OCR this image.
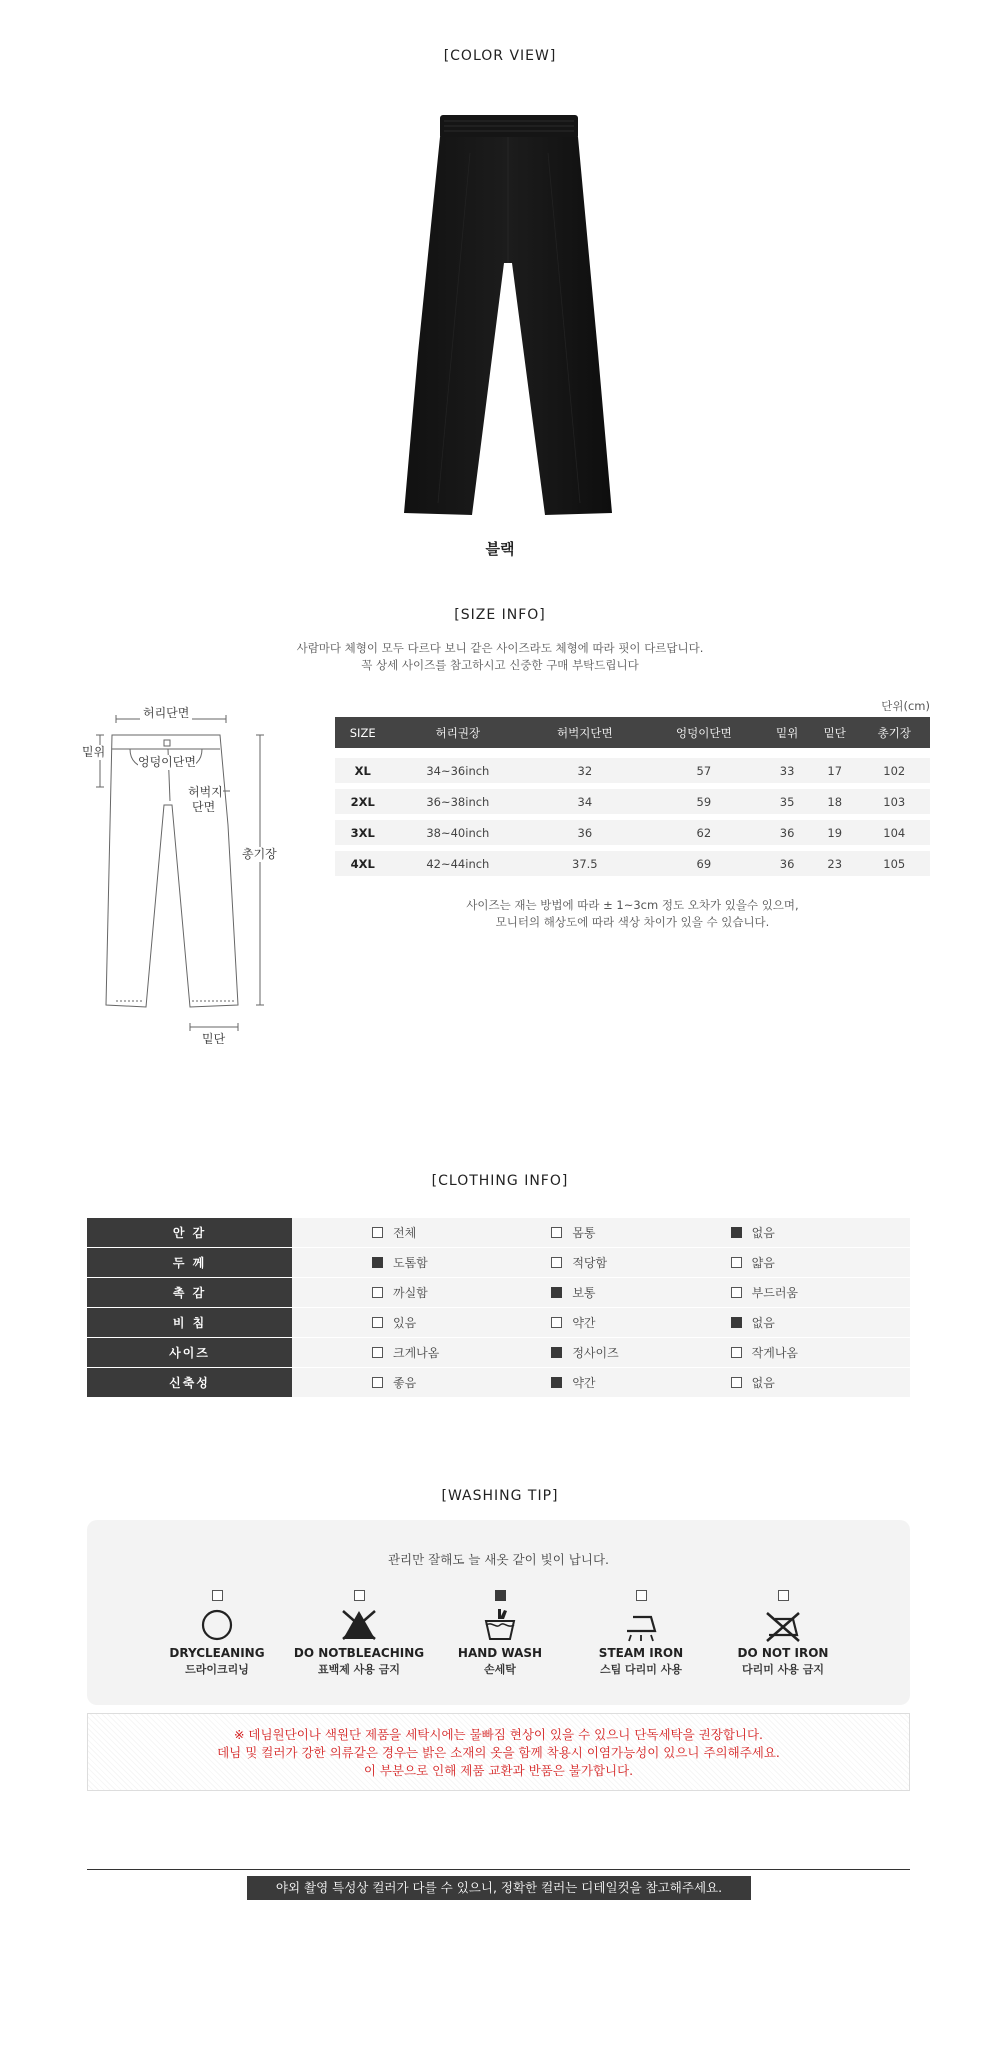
[COLOR VIEW]
블랙
[SIZE INFO]
사람마다 체형이 모두 다르다 보니 같은 사이즈라도 체형에 따라 핏이 다르답니다.
꼭 상세 사이즈를 참고하시고 신중한 구매 부탁드립니다
단위(cm)
허리단면
밑위
엉덩이단면
허벅지
단면
총기장
밑단
SIZE	허리권장	허벅지단면	엉덩이단면	밑위	밑단	총기장

XL	34~36inch	32	57	33	17	102

2XL	36~38inch	34	59	35	18	103

3XL	38~40inch	36	62	36	19	104

4XL	42~44inch	37.5	69	36	23	105
사이즈는 재는 방법에 따라 ± 1~3cm 정도 오차가 있을수 있으며,
모니터의 해상도에 따라 색상 차이가 있을 수 있습니다.
[CLOTHING INFO]
안 감		전체	몸통	없음

두 께		도톰함	적당함	얇음

촉 감		까실함	보통	부드러움

비 침		있음	약간	없음

사이즈		크게나옴	정사이즈	작게나옴

신축성		좋음	약간	없음
[WASHING TIP]
관리만 잘해도 늘 새옷 같이 빛이 납니다.
DRYCLEANING
드라이크리닝
DO NOTBLEACHING
표백제 사용 금지
HAND WASH
손세탁
STEAM IRON
스팀 다리미 사용
DO NOT IRON
다리미 사용 금지
※ 데님원단이나 색원단 제품을 세탁시에는 물빠짐 현상이 있을 수 있으니 단독세탁을 권장합니다.
데님 및 컬러가 강한 의류같은 경우는 밝은 소재의 옷을 함께 착용시 이염가능성이 있으니 주의해주세요.
이 부분으로 인해 제품 교환과 반품은 불가합니다.
야외 촬영 특성상 컬러가 다를 수 있으니, 정확한 컬러는 디테일컷을 참고해주세요.
